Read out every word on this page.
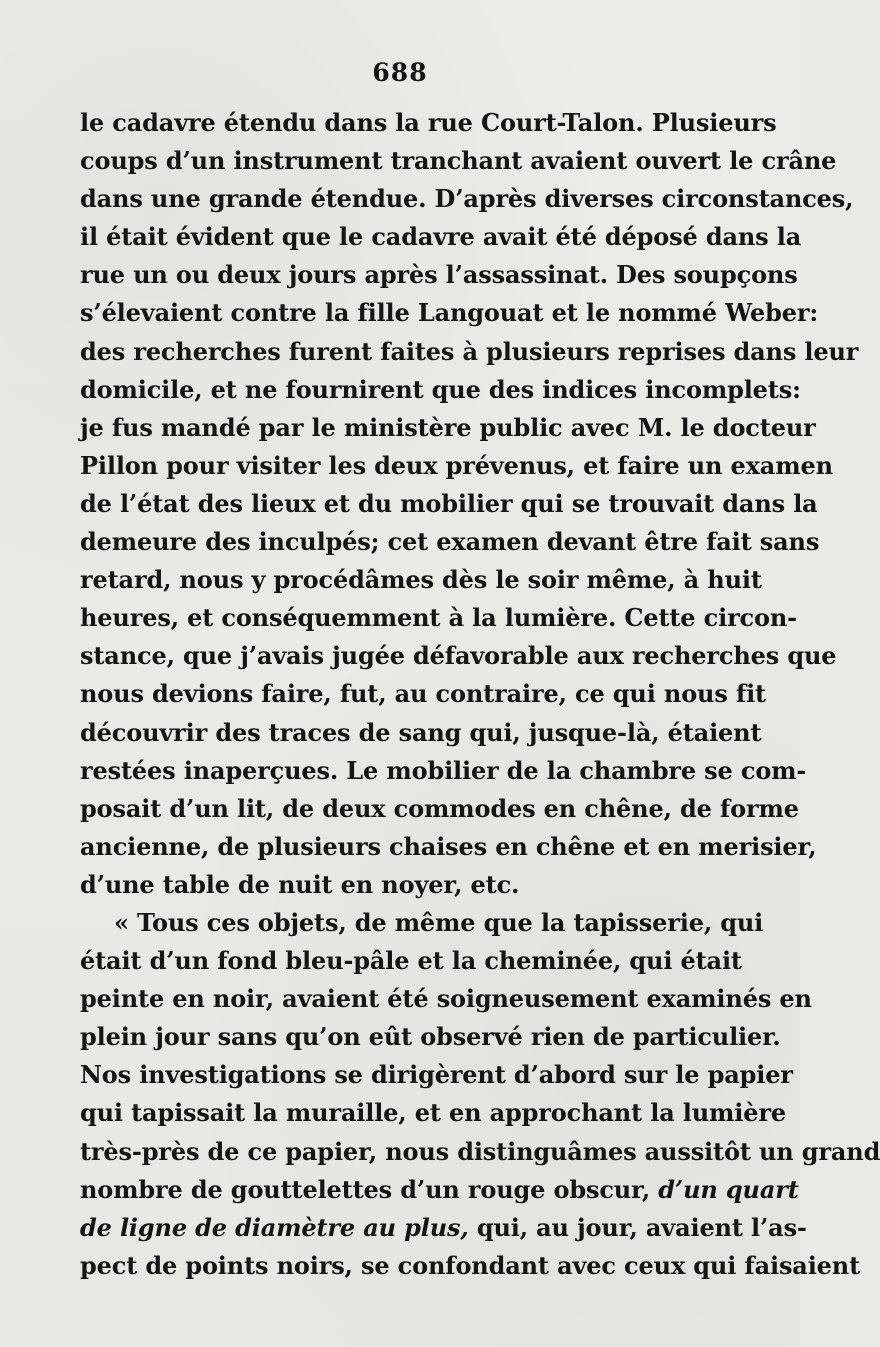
688
le cadavre étendu dans la rue Court-Talon. Plusieurs
coups d’un instrument tranchant avaient ouvert le crâne
dans une grande étendue. D’après diverses circonstances,
il était évident que le cadavre avait été déposé dans la
rue un ou deux jours après l’assassinat. Des soupçons
s’élevaient contre la fille Langouat et le nommé Weber:
des recherches furent faites à plusieurs reprises dans leur
domicile, et ne fournirent que des indices incomplets:
je fus mandé par le ministère public avec M. le docteur
Pillon pour visiter les deux prévenus, et faire un examen
de l’état des lieux et du mobilier qui se trouvait dans la
demeure des inculpés; cet examen devant être fait sans
retard, nous y procédâmes dès le soir même, à huit
heures, et conséquemment à la lumière. Cette circon-
stance, que j’avais jugée défavorable aux recherches que
nous devions faire, fut, au contraire, ce qui nous fit
découvrir des traces de sang qui, jusque-là, étaient
restées inaperçues. Le mobilier de la chambre se com-
posait d’un lit, de deux commodes en chêne, de forme
ancienne, de plusieurs chaises en chêne et en merisier,
d’une table de nuit en noyer, etc.
« Tous ces objets, de même que la tapisserie, qui
était d’un fond bleu-pâle et la cheminée, qui était
peinte en noir, avaient été soigneusement examinés en
plein jour sans qu’on eût observé rien de particulier.
Nos investigations se dirigèrent d’abord sur le papier
qui tapissait la muraille, et en approchant la lumière
très-près de ce papier, nous distinguâmes aussitôt un grand
nombre de gouttelettes d’un rouge obscur, d’un quart
de ligne de diamètre au plus, qui, au jour, avaient l’as-
pect de points noirs, se confondant avec ceux qui faisaient
